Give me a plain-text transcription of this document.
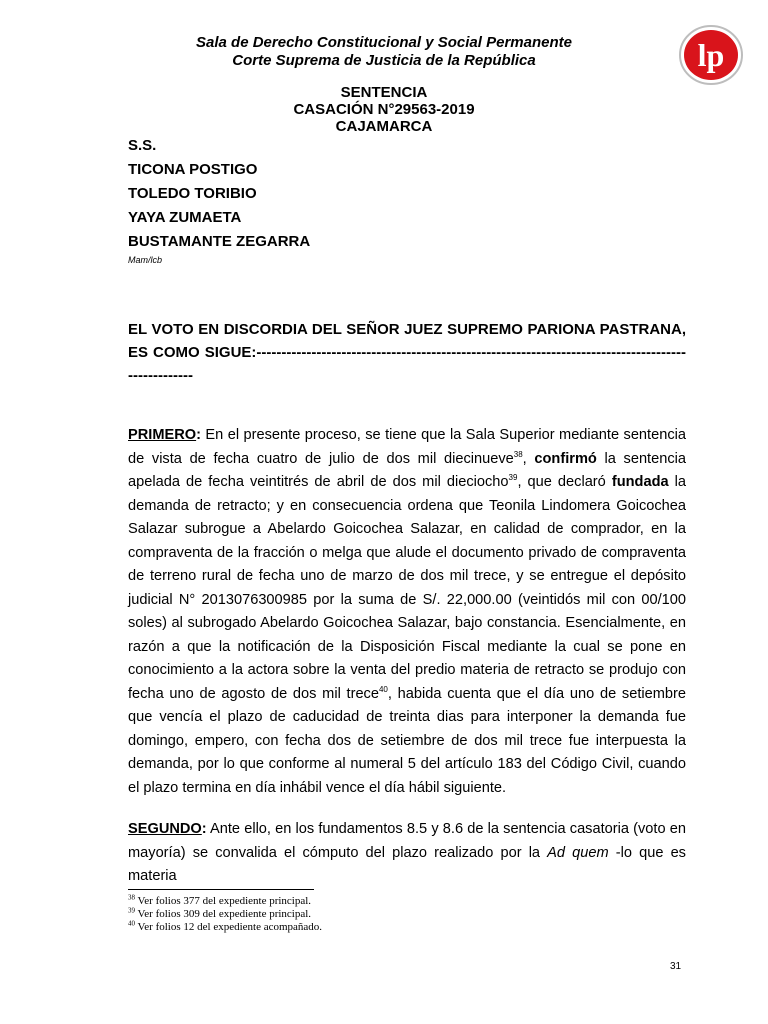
Sala de Derecho Constitucional y Social Permanente
Corte Suprema de Justicia de la República	lp
SENTENCIA
CASACIÓN N°29563-2019
CAJAMARCA
S.S.
TICONA POSTIGO
TOLEDO TORIBIO
YAYA ZUMAETA
BUSTAMANTE ZEGARRA
Mam/lcb
EL VOTO EN DISCORDIA DEL SEÑOR JUEZ SUPREMO PARIONA PASTRANA, ES COMO SIGUE:---------------------------------------------------------------------------------------------------
PRIMERO: En el presente proceso, se tiene que la Sala Superior mediante sentencia de vista de fecha cuatro de julio de dos mil diecinueve$^{38}$, confirmó la sentencia apelada de fecha veintitrés de abril de dos mil dieciocho$^{39}$, que declaró fundada la demanda de retracto; y en consecuencia ordena que Teonila Lindomera Goicochea Salazar subrogue a Abelardo Goicochea Salazar, en calidad de comprador, en la compraventa de la fracción o melga que alude el documento privado de compraventa de terreno rural de fecha uno de marzo de dos mil trece, y se entregue el depósito judicial N° 2013076300985 por la suma de S/. 22,000.00 (veintidós mil con 00/100 soles) al subrogado Abelardo Goicochea Salazar, bajo constancia. Esencialmente, en razón a que la notificación de la Disposición Fiscal mediante la cual se pone en conocimiento a la actora sobre la venta del predio materia de retracto se produjo con fecha uno de agosto de dos mil trece$^{40}$, habida cuenta que el día uno de setiembre que vencía el plazo de caducidad de treinta dias para interponer la demanda fue domingo, empero, con fecha dos de setiembre de dos mil trece fue interpuesta la demanda, por lo que conforme al numeral 5 del artículo 183 del Código Civil, cuando el plazo termina en día inhábil vence el día hábil siguiente.
SEGUNDO: Ante ello, en los fundamentos 8.5 y 8.6 de la sentencia casatoria (voto en mayoría) se convalida el cómputo del plazo realizado por la Ad quem -lo que es materia
$^{38}$ Ver folios 377 del expediente principal.
$^{39}$ Ver folios 309 del expediente principal.
$^{40}$ Ver folios 12 del expediente acompañado.
31
